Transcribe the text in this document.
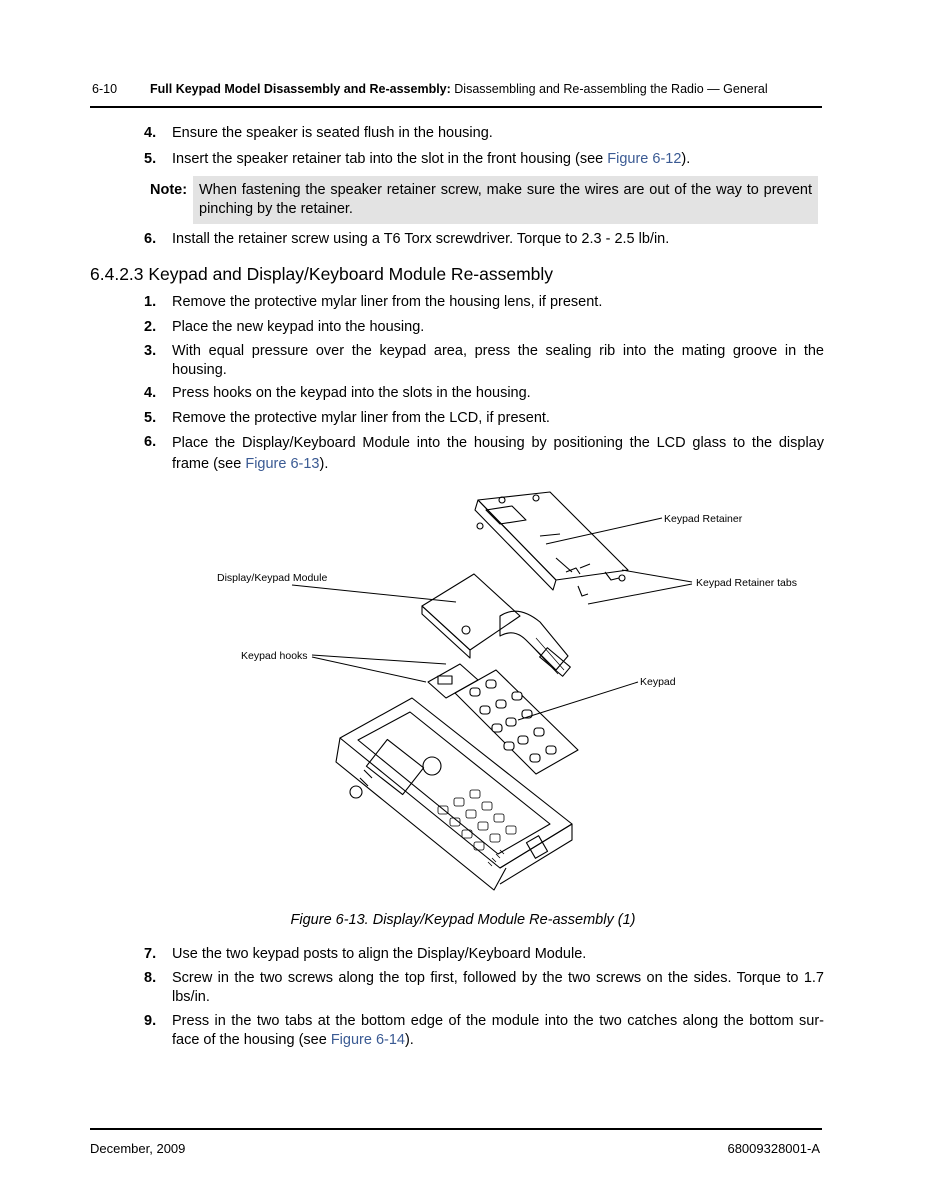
6-10	Full Keypad Model Disassembly and Re-assembly: Disassembling and Re-assembling the Radio — General
4. Ensure the speaker is seated flush in the housing.
5. Insert the speaker retainer tab into the slot in the front housing (see Figure 6-12).
Note: When fastening the speaker retainer screw, make sure the wires are out of the way to prevent pinching by the retainer.
6. Install the retainer screw using a T6 Torx screwdriver. Torque to 2.3 - 2.5 lb/in.
6.4.2.3 Keypad and Display/Keyboard Module Re-assembly
1. Remove the protective mylar liner from the housing lens, if present.
2. Place the new keypad into the housing.
3. With equal pressure over the keypad area, press the sealing rib into the mating groove in the housing.
4. Press hooks on the keypad into the slots in the housing.
5. Remove the protective mylar liner from the LCD, if present.
6. Place the Display/Keyboard Module into the housing by positioning the LCD glass to the display frame (see Figure 6-13).
Keypad Retainer
Keypad Retainer tabs
Display/Keypad Module
Keypad hooks
Keypad
Figure 6-13. Display/Keypad Module Re-assembly (1)
7. Use the two keypad posts to align the Display/Keyboard Module.
8. Screw in the two screws along the top first, followed by the two screws on the sides. Torque to 1.7 lbs/in.
9. Press in the two tabs at the bottom edge of the module into the two catches along the bottom sur-face of the housing (see Figure 6-14).
December, 2009	68009328001-A
